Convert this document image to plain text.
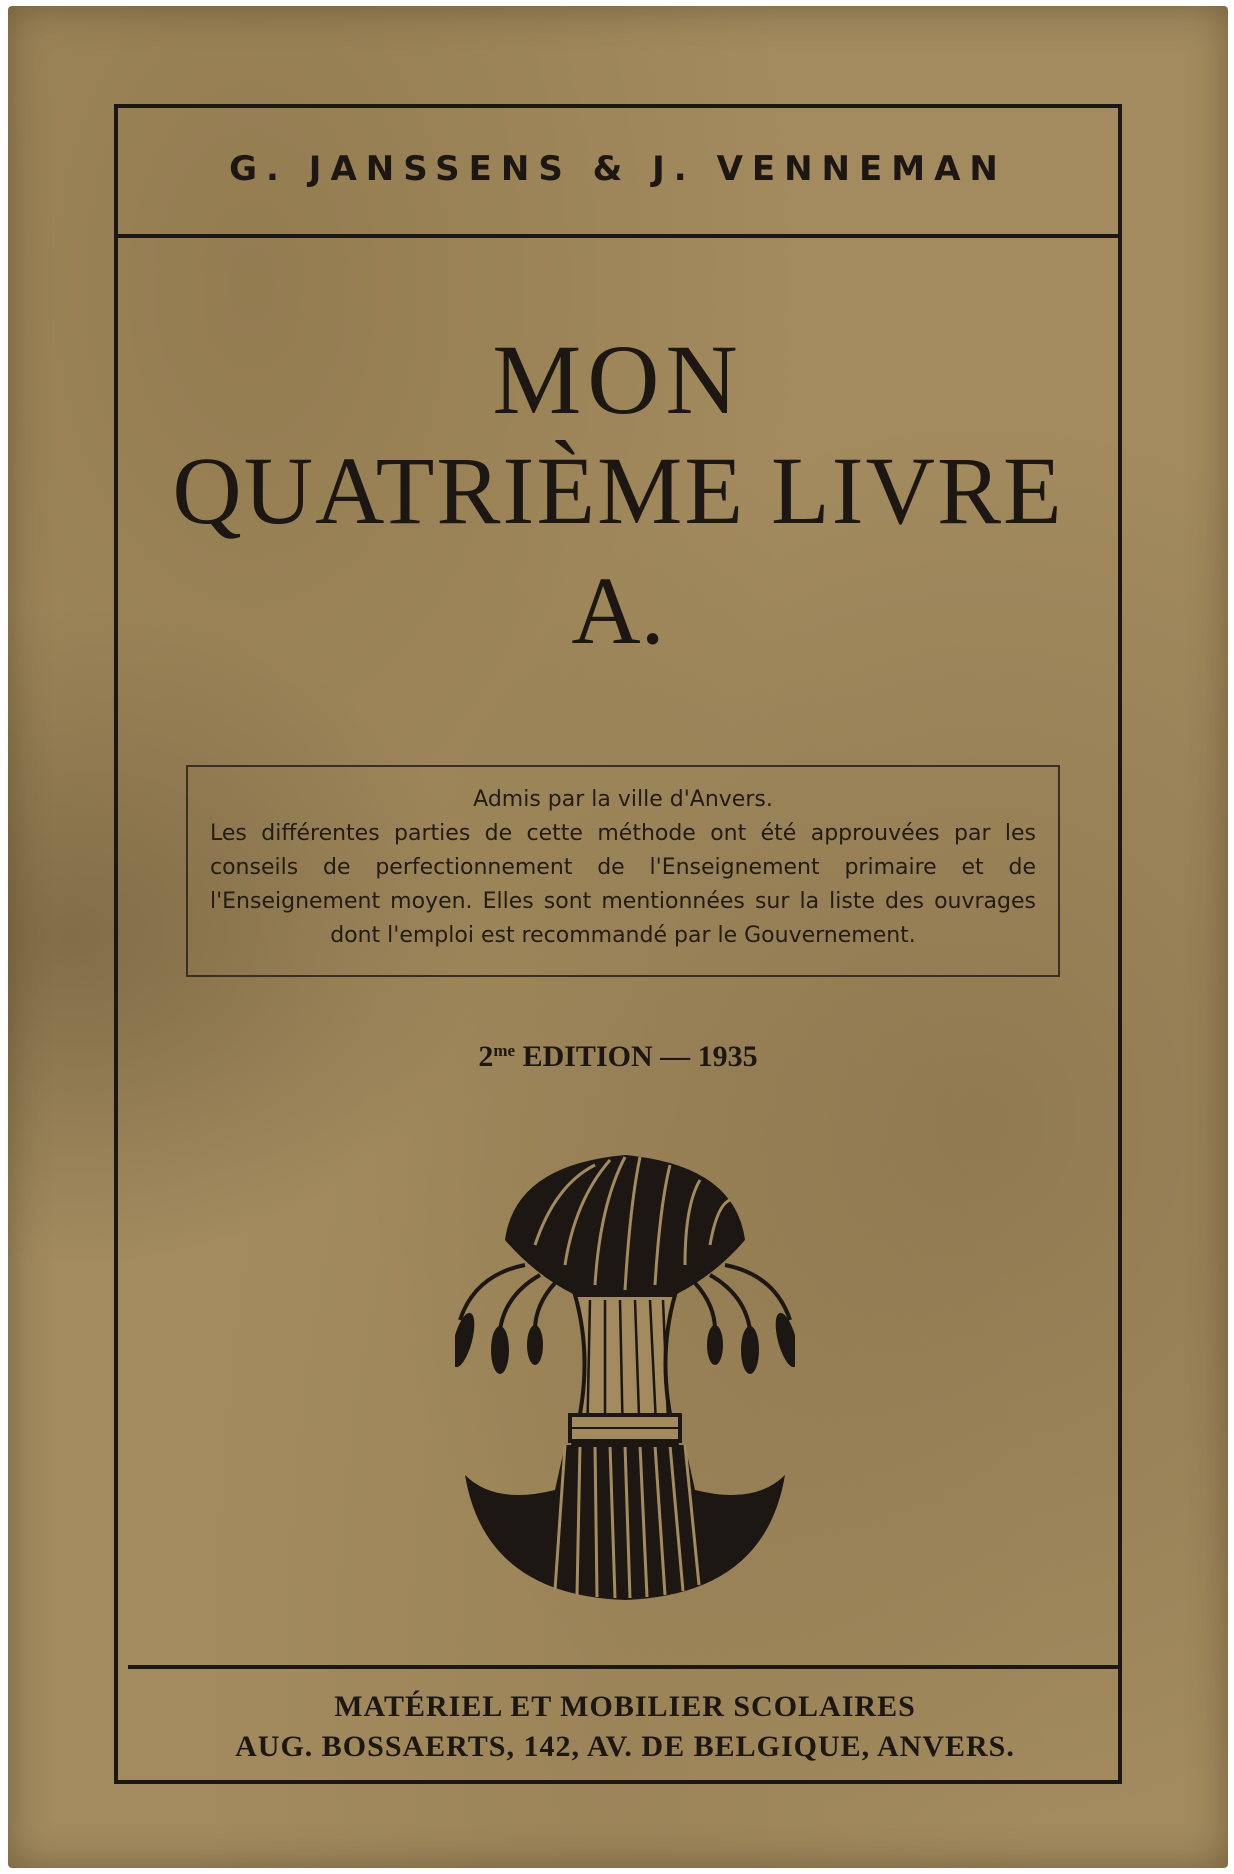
G. JANSSENS & J. VENNEMAN
MON
QUATRIÈME LIVRE
A.

Admis par la ville d'Anvers.

Les différentes parties de cette méthode ont été approuvées par les conseils de perfectionnement de l'Enseignement primaire et de l'Enseignement moyen. Elles sont mentionnées sur la liste des ouvrages dont l'emploi est recommandé par le Gouvernement.

$2^{me}$ EDITION — 1935
MATÉRIEL ET MOBILIER SCOLAIRES
AUG. BOSSAERTS, 142, AV. DE BELGIQUE, ANVERS.
